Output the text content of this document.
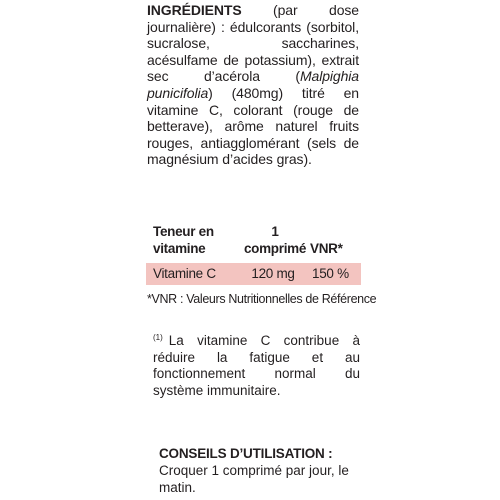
INGRÉDIENTS (par dose journalière) : édulcorants (sorbitol, sucralose, saccharines, acésulfame de potassium), extrait sec d’acérola (Malpighia punicifolia) (480mg) titré en vitamine C, colorant (rouge de betterave), arôme naturel fruits rouges, antiagglomérant (sels de magnésium d’acides gras).
Teneur en vitamine
1 comprimé VNR*
Vitamine C	120 mg	150 %
*VNR : Valeurs Nutritionnelles de Référence
$^{(1)}$ La vitamine C contribue à réduire la fatigue et au fonctionnement normal du système immunitaire.
CONSEILS D’UTILISATION :
Croquer 1 comprimé par jour, le matin.
